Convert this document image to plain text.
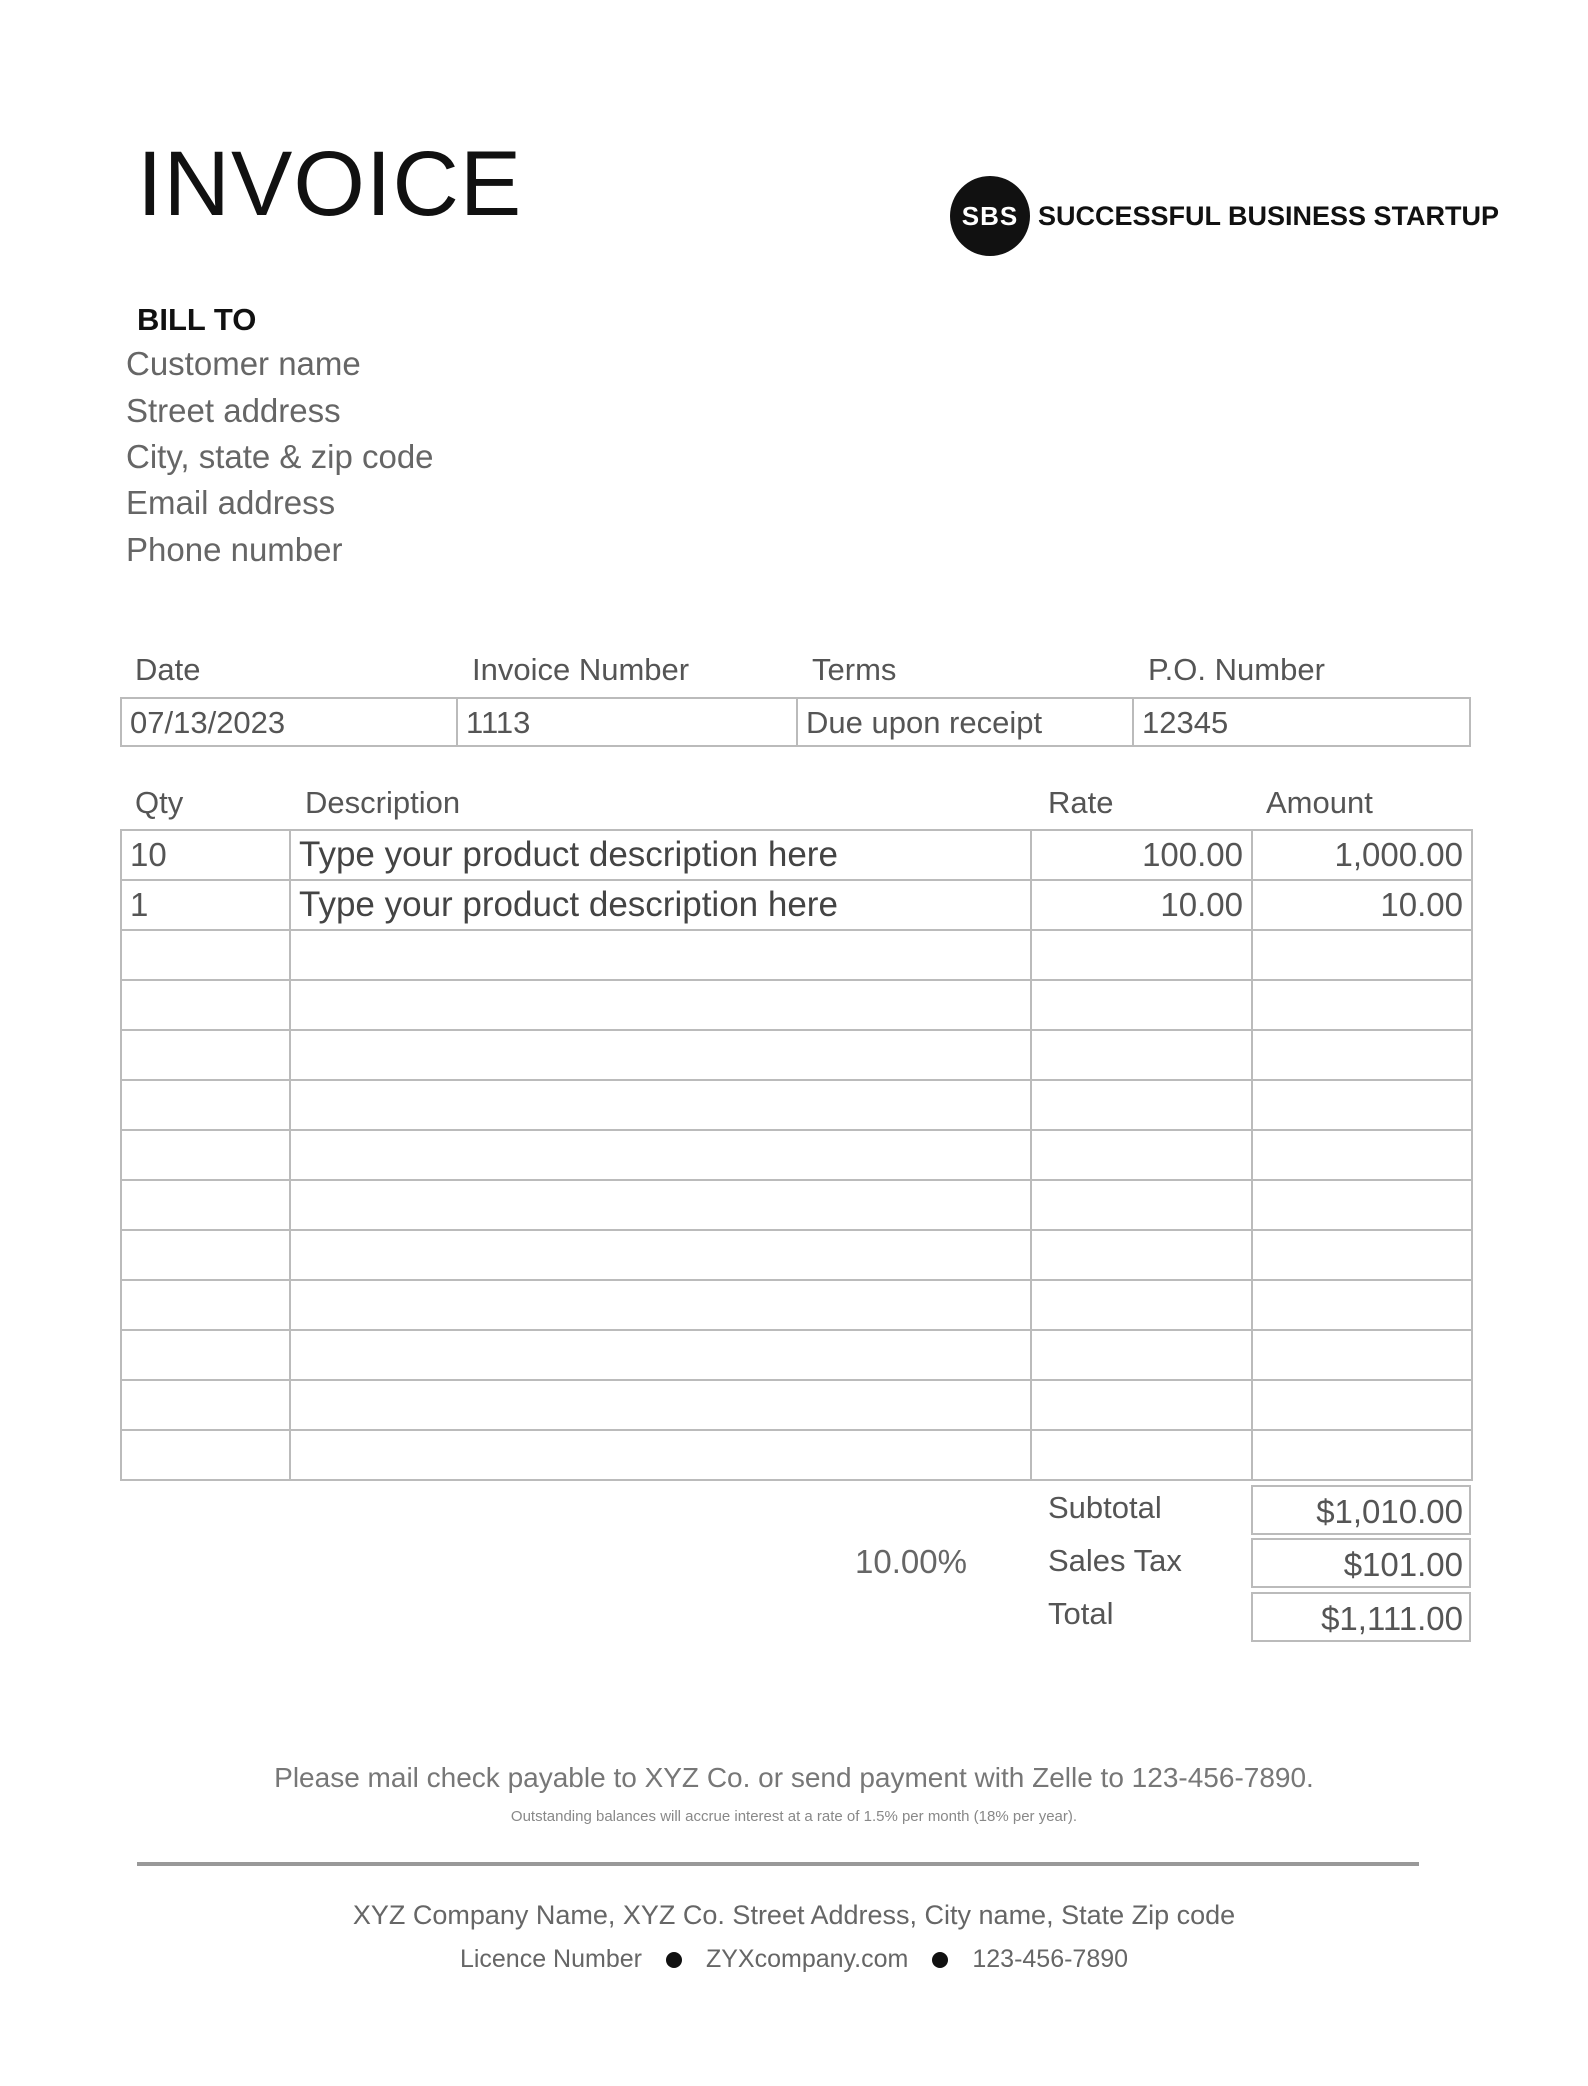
INVOICE	SBS SUCCESSFUL BUSINESS STARTUP
BILL TO
Customer name
Street address
City, state & zip code
Email address
Phone number
Date	Invoice Number	Terms	P.O. Number
07/13/2023	1113	Due upon receipt	12345
Qty	Description	Rate	Amount
10	Type your product description here	100.00	1,000.00
1	Type your product description here	10.00	10.00

Subtotal	$1,010.00
10.00%	Sales Tax	$101.00
Total	$1,111.00
Please mail check payable to XYZ Co. or send payment with Zelle to 123-456-7890.
Outstanding balances will accrue interest at a rate of 1.5% per month (18% per year).
XYZ Company Name, XYZ Co. Street Address, City name, State Zip code
Licence Number	ZYXcompany.com	123-456-7890
